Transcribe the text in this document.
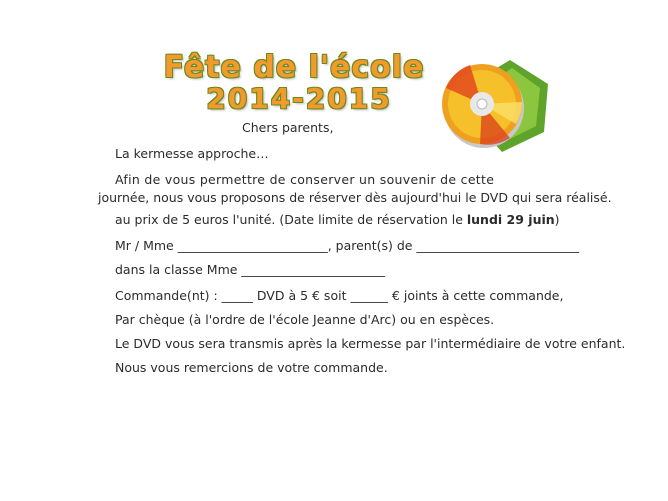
Fête de l'école
2014-2015
Chers parents,
La kermesse approche…
Afin de vous permettre de conserver un souvenir de cette
journée, nous vous proposons de réserver dès aujourd'hui le DVD qui sera réalisé.
au prix de 5 euros l'unité. (Date limite de réservation le lundi 29 juin)
Mr / Mme ________________________, parent(s) de __________________________
dans la classe Mme _______________________
Commande(nt) : _____ DVD à 5 € soit ______ € joints à cette commande,
Par chèque (à l'ordre de l'école Jeanne d'Arc) ou en espèces.
Le DVD vous sera transmis après la kermesse par l'intermédiaire de votre enfant.
Nous vous remercions de votre commande.
